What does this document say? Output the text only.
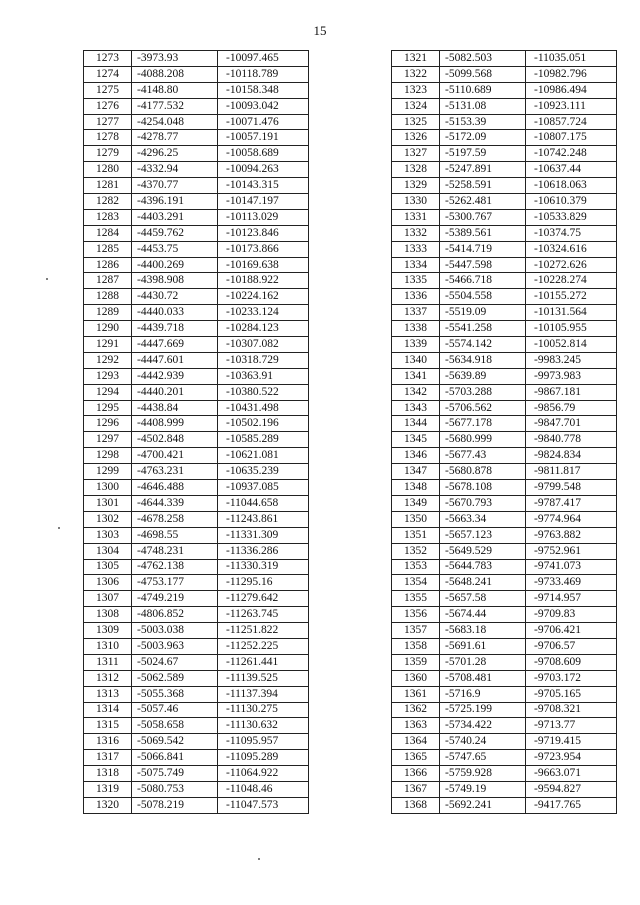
15
1273	-3973.93	-10097.465
1274	-4088.208	-10118.789
1275	-4148.80	-10158.348
1276	-4177.532	-10093.042
1277	-4254.048	-10071.476
1278	-4278.77	-10057.191
1279	-4296.25	-10058.689
1280	-4332.94	-10094.263
1281	-4370.77	-10143.315
1282	-4396.191	-10147.197
1283	-4403.291	-10113.029
1284	-4459.762	-10123.846
1285	-4453.75	-10173.866
1286	-4400.269	-10169.638
1287	-4398.908	-10188.922
1288	-4430.72	-10224.162
1289	-4440.033	-10233.124
1290	-4439.718	-10284.123
1291	-4447.669	-10307.082
1292	-4447.601	-10318.729
1293	-4442.939	-10363.91
1294	-4440.201	-10380.522
1295	-4438.84	-10431.498
1296	-4408.999	-10502.196
1297	-4502.848	-10585.289
1298	-4700.421	-10621.081
1299	-4763.231	-10635.239
1300	-4646.488	-10937.085
1301	-4644.339	-11044.658
1302	-4678.258	-11243.861
1303	-4698.55	-11331.309
1304	-4748.231	-11336.286
1305	-4762.138	-11330.319
1306	-4753.177	-11295.16
1307	-4749.219	-11279.642
1308	-4806.852	-11263.745
1309	-5003.038	-11251.822
1310	-5003.963	-11252.225
1311	-5024.67	-11261.441
1312	-5062.589	-11139.525
1313	-5055.368	-11137.394
1314	-5057.46	-11130.275
1315	-5058.658	-11130.632
1316	-5069.542	-11095.957
1317	-5066.841	-11095.289
1318	-5075.749	-11064.922
1319	-5080.753	-11048.46
1320	-5078.219	-11047.573
1321	-5082.503	-11035.051
1322	-5099.568	-10982.796
1323	-5110.689	-10986.494
1324	-5131.08	-10923.111
1325	-5153.39	-10857.724
1326	-5172.09	-10807.175
1327	-5197.59	-10742.248
1328	-5247.891	-10637.44
1329	-5258.591	-10618.063
1330	-5262.481	-10610.379
1331	-5300.767	-10533.829
1332	-5389.561	-10374.75
1333	-5414.719	-10324.616
1334	-5447.598	-10272.626
1335	-5466.718	-10228.274
1336	-5504.558	-10155.272
1337	-5519.09	-10131.564
1338	-5541.258	-10105.955
1339	-5574.142	-10052.814
1340	-5634.918	-9983.245
1341	-5639.89	-9973.983
1342	-5703.288	-9867.181
1343	-5706.562	-9856.79
1344	-5677.178	-9847.701
1345	-5680.999	-9840.778
1346	-5677.43	-9824.834
1347	-5680.878	-9811.817
1348	-5678.108	-9799.548
1349	-5670.793	-9787.417
1350	-5663.34	-9774.964
1351	-5657.123	-9763.882
1352	-5649.529	-9752.961
1353	-5644.783	-9741.073
1354	-5648.241	-9733.469
1355	-5657.58	-9714.957
1356	-5674.44	-9709.83
1357	-5683.18	-9706.421
1358	-5691.61	-9706.57
1359	-5701.28	-9708.609
1360	-5708.481	-9703.172
1361	-5716.9	-9705.165
1362	-5725.199	-9708.321
1363	-5734.422	-9713.77
1364	-5740.24	-9719.415
1365	-5747.65	-9723.954
1366	-5759.928	-9663.071
1367	-5749.19	-9594.827
1368	-5692.241	-9417.765
